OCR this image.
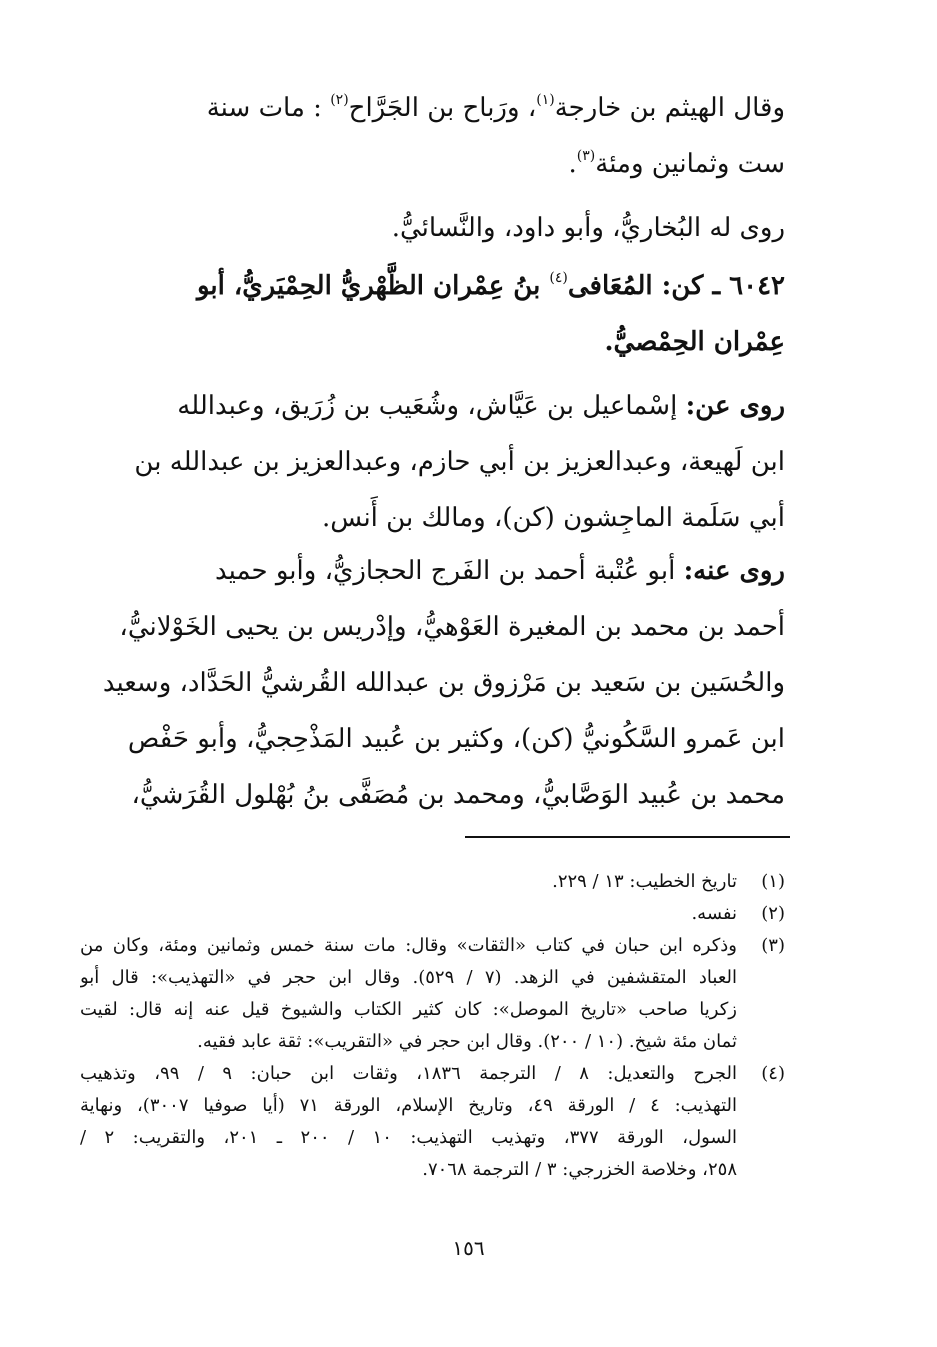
وقال الهيثم بن خارجة$^{(١)}$، ورَباح بن الجَرَّاح$^{(٢)}$ : مات سنة
ست وثمانين ومئة$^{(٣)}$.
روى له البُخاريُّ، وأبو داود، والنَّسائيُّ.
٦٠٤٢ ـ كن: المُعَافى$^{(٤)}$ بنُ عِمْران الظَّهْريُّ الحِمْيَريُّ، أبو
عِمْران الحِمْصيُّ.
روى عن: إسْماعيل بن عَيَّاش، وشُعَيب بن زُرَيق، وعبدالله
ابن لَهيعة، وعبدالعزيز بن أبي حازم، وعبدالعزيز بن عبدالله بن
أبي سَلَمة الماجِشون (كن)، ومالك بن أَنس.
روى عنه: أبو عُتْبة أحمد بن الفَرج الحجازيُّ، وأبو حميد
أحمد بن محمد بن المغيرة العَوْهيُّ، وإدْريس بن يحيى الخَوْلانيُّ،
والحُسَين بن سَعيد بن مَرْزوق بن عبدالله القُرشيُّ الحَدَّاد، وسعيد
ابن عَمرو السَّكُونيُّ (كن)، وكثير بن عُبيد المَذْحِجيُّ، وأبو حَفْص
محمد بن عُبيد الوَصَّابيُّ، ومحمد بن مُصَفَّى بنُ بُهْلول القُرَشيُّ،
(١)
تاريخ الخطيب: ١٣ / ٢٢٩.
(٢)
نفسه.
(٣)
وذكره ابن حبان في كتاب «الثقات» وقال: مات سنة خمس وثمانين ومئة، وكان من
العباد المتقشفين في الزهد. (٧ / ٥٢٩). وقال ابن حجر في «التهذيب»: قال أبو
زكريا صاحب «تاريخ الموصل»: كان كثير الكتاب والشيوخ قيل عنه إنه قال: لقيت
ثمان مئة شيخ. (١٠ / ٢٠٠). وقال ابن حجر في «التقريب»: ثقة عابد فقيه.
(٤)
الجرح والتعديل: ٨ / الترجمة ١٨٣٦، وثقات ابن حبان: ٩ / ٩٩، وتذهيب
التهذيب: ٤ / الورقة ٤٩، وتاريخ الإسلام، الورقة ٧١ (أيا صوفيا ٣٠٠٧)، ونهاية
السول، الورقة ٣٧٧، وتهذيب التهذيب: ١٠ / ٢٠٠ ـ ٢٠١، والتقريب: ٢ /
٢٥٨، وخلاصة الخزرجي: ٣ / الترجمة ٧٠٦٨.
١٥٦
